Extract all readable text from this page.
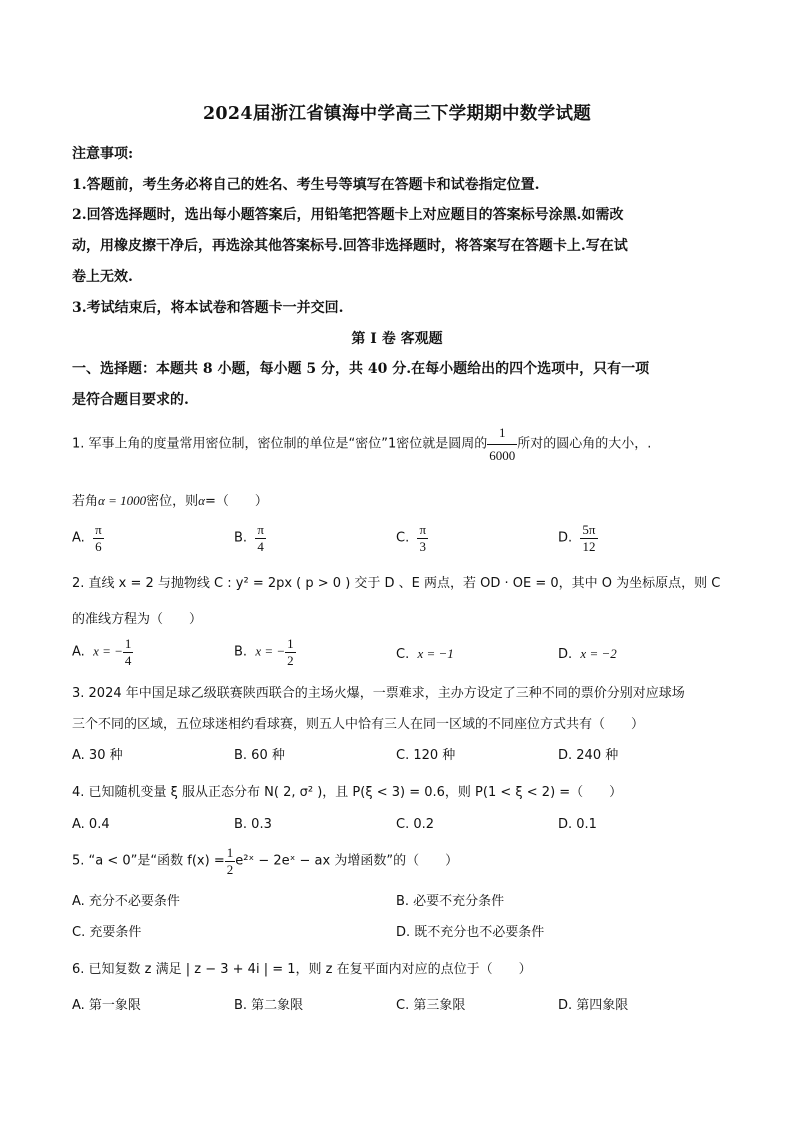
2024届浙江省镇海中学高三下学期期中数学试题
注意事项:
1.答题前，考生务必将自己的姓名、考生号等填写在答题卡和试卷指定位置.
2.回答选择题时，选出每小题答案后，用铅笔把答题卡上对应题目的答案标号涂黑.如需改
动，用橡皮擦干净后，再选涂其他答案标号.回答非选择题时，将答案写在答题卡上.写在试
卷上无效.
3.考试结束后，将本试卷和答题卡一并交回.
第 I 卷 客观题
一、选择题：本题共 8 小题，每小题 5 分，共 40 分.在每小题给出的四个选项中，只有一项
是符合题目要求的.
1. 军事上角的度量常用密位制，密位制的单位是“密位”1密位就是圆周的 $\frac{1}{6000}$ 所对的圆心角的大小，.
若角α = 1000密位，则α=（　　）
A. $\frac{\pi}{6}$	B. $\frac{\pi}{4}$	C. $\frac{\pi}{3}$	D. $\frac{5\pi}{12}$
2. 直线 x = 2 与抛物线 C : y² = 2px ( p > 0 ) 交于 D 、E 两点，若 OD · OE = 0，其中 O 为坐标原点，则 C
的准线方程为（　　）
A. x = − $\frac{1}{4}$	B. x = − $\frac{1}{2}$	C. x = −1	D. x = −2
3. 2024 年中国足球乙级联赛陕西联合的主场火爆，一票难求，主办方设定了三种不同的票价分别对应球场
三个不同的区域，五位球迷相约看球赛，则五人中恰有三人在同一区域的不同座位方式共有（　　）
A. 30 种	B. 60 种	C. 120 种	D. 240 种
4. 已知随机变量 ξ 服从正态分布 N( 2, σ² )，且 P(ξ < 3) = 0.6，则 P(1 < ξ < 2) =（　　）
A. 0.4	B. 0.3	C. 0.2	D. 0.1
5. “a < 0”是“函数 $f(x) = \frac{1}{2}$ e²ˣ − 2eˣ − ax 为增函数”的（　　）
A. 充分不必要条件	B. 必要不充分条件
C. 充要条件	D. 既不充分也不必要条件
6. 已知复数 z 满足 | z − 3 + 4i | = 1，则 z 在复平面内对应的点位于（　　）
A. 第一象限	B. 第二象限	C. 第三象限	D. 第四象限
